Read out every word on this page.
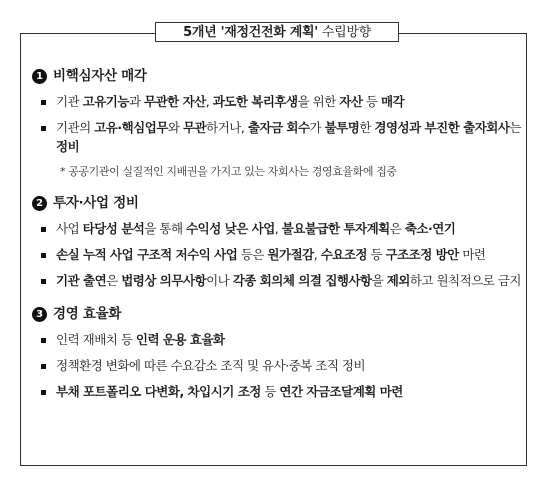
5개년 '재정건전화 계획' 수립방향
1 비핵심자산 매각
기관 고유기능과 무관한 자산, 과도한 복리후생을 위한 자산 등 매각
기관의 고유·핵심업무와 무관하거나, 출자금 회수가 불투명한 경영성과 부진한 출자회사는 정비
* 공공기관이 실질적인 지배권을 가지고 있는 자회사는 경영효율화에 집중
2 투자·사업 정비
사업 타당성 분석을 통해 수익성 낮은 사업, 불요불급한 투자계획은 축소·연기
손실 누적 사업 구조적 저수익 사업 등은 원가절감, 수요조정 등 구조조정 방안 마련
기관 출연은 법령상 의무사항이나 각종 회의체 의결 집행사항을 제외하고 원칙적으로 금지
3 경영 효율화
인력 재배치 등 인력 운용 효율화
정책환경 변화에 따른 수요감소 조직 및 유사·중복 조직 정비
부채 포트폴리오 다변화, 차입시기 조정 등 연간 자금조달계획 마련
